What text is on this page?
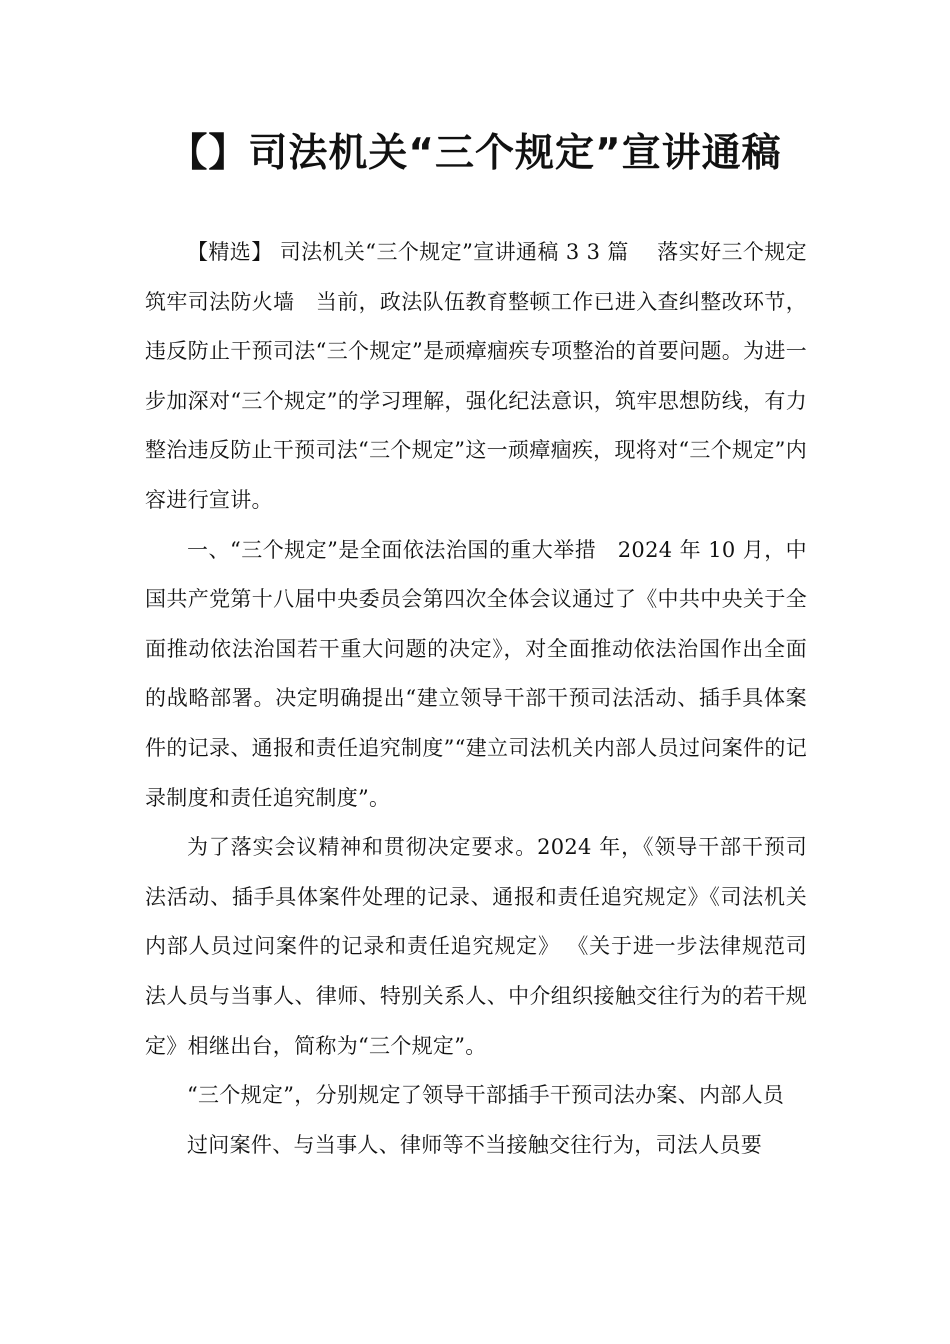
【】司法机关“三个规定”宣讲通稿

【精选】 司法机关“三个规定”宣讲通稿 3 3 篇　 落实好三个规定　 筑牢司法防火墙　当前，政法队伍教育整顿工作已进入查纠整改环节，违反防止干预司法“三个规定”是顽瘴痼疾专项整治的首要问题。为进一步加深对“三个规定”的学习理解，强化纪法意识，筑牢思想防线，有力整治违反防止干预司法“三个规定”这一顽瘴痼疾，现将对“三个规定”内容进行宣讲。

一、“三个规定”是全面依法治国的重大举措　2024 年 10 月，中国共产党第十八届中央委员会第四次全体会议通过了《中共中央关于全面推动依法治国若干重大问题的决定》，对全面推动依法治国作出全面的战略部署。决定明确提出“建立领导干部干预司法活动、插手具体案件的记录、通报和责任追究制度”“建立司法机关内部人员过问案件的记录制度和责任追究制度”。

为了落实会议精神和贯彻决定要求。2024 年，《领导干部干预司法活动、插手具体案件处理的记录、通报和责任追究规定》《司法机关内部人员过问案件的记录和责任追究规定》 《关于进一步法律规范司法人员与当事人、律师、特别关系人、中介组织接触交往行为的若干规定》相继出台，简称为“三个规定”。

“三个规定”，分别规定了领导干部插手干预司法办案、内部人员

过问案件、与当事人、律师等不当接触交往行为，司法人员要
